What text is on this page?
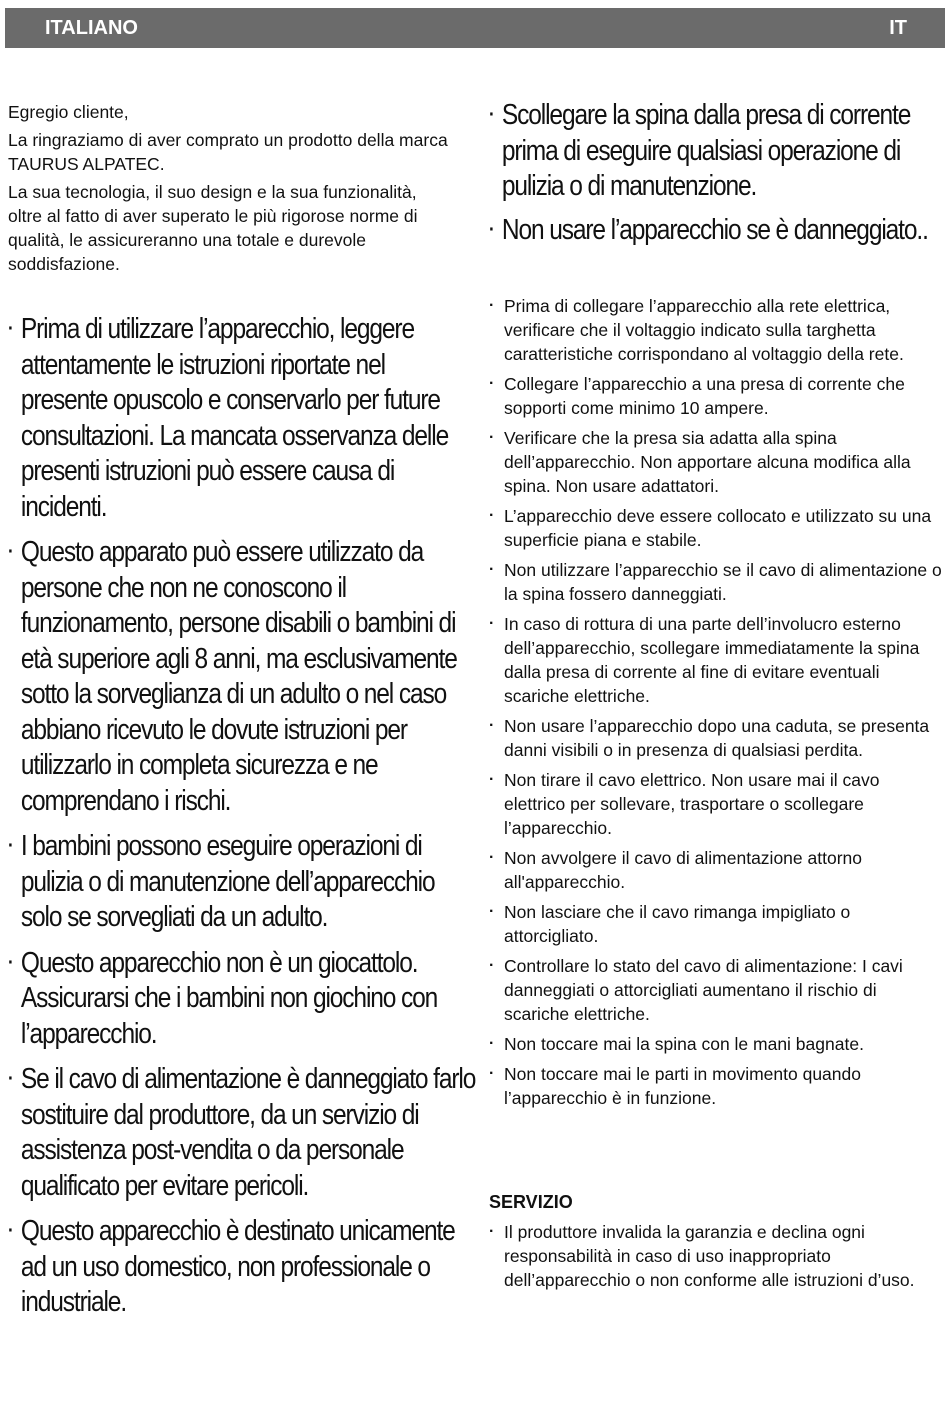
ITALIANO	IT

Egregio cliente,

La ringraziamo di aver comprato un prodotto della marca TAURUS ALPATEC.

La sua tecnologia, il suo design e la sua funzionalità, oltre al fatto di aver superato le più rigorose norme di qualità, le assicureranno una totale e durevole soddisfazione.

· Prima di utilizzare l’apparecchio, leggere attentamente le istruzioni riportate nel presente opuscolo e conservarlo per future consultazioni. La mancata osservanza delle presenti istruzioni può essere causa di incidenti.
· Questo apparato può essere utilizzato da persone che non ne conoscono il funzionamento, persone disabili o bambini di età superiore agli 8 anni, ma esclusivamente sotto la sorveglianza di un adulto o nel caso abbiano ricevuto le dovute istruzioni per utilizzarlo in completa sicurezza e ne comprendano i rischi.
· I bambini possono eseguire operazioni di pulizia o di manutenzione dell’apparecchio solo se sorvegliati da un adulto.
· Questo apparecchio non è un giocattolo. Assicurarsi che i bambini non giochino con l’apparecchio.
· Se il cavo di alimentazione è danneggiato farlo sostituire dal produttore, da un servizio di assistenza post-vendita o da personale qualificato per evitare pericoli.
· Questo apparecchio è destinato unicamente ad un uso domestico, non professionale o industriale.
· Scollegare la spina dalla presa di corrente prima di eseguire qualsiasi operazione di pulizia o di manutenzione.
· Non usare l’apparecchio se è danneggiato..
· Prima di collegare l’apparecchio alla rete elettrica, verificare che il voltaggio indicato sulla targhetta caratteristiche corrispondano al voltaggio della rete.
· Collegare l’apparecchio a una presa di corrente che sopporti come minimo 10 ampere.
· Verificare che la presa sia adatta alla spina dell’apparecchio. Non apportare alcuna modifica alla spina. Non usare adattatori.
· L’apparecchio deve essere collocato e utilizzato su una superficie piana e stabile.
· Non utilizzare l’apparecchio se il cavo di alimentazione o la spina fossero danneggiati.
· In caso di rottura di una parte dell’involucro esterno dell’apparecchio, scollegare immediatamente la spina dalla presa di corrente al fine di evitare eventuali scariche elettriche.
· Non usare l’apparecchio dopo una caduta, se presenta danni visibili o in presenza di qualsiasi perdita.
· Non tirare il cavo elettrico. Non usare mai il cavo elettrico per sollevare, trasportare o scollegare l’apparecchio.
· Non avvolgere il cavo di alimentazione attorno all'apparecchio.
· Non lasciare che il cavo rimanga impigliato o attorcigliato.
· Controllare lo stato del cavo di alimentazione: I cavi danneggiati o attorcigliati aumentano il rischio di scariche elettriche.
· Non toccare mai la spina con le mani bagnate.
· Non toccare mai le parti in movimento quando l’apparecchio è in funzione.
SERVIZIO
· Il produttore invalida la garanzia e declina ogni responsabilità in caso di uso inappropriato dell’apparecchio o non conforme alle istruzioni d’uso.
